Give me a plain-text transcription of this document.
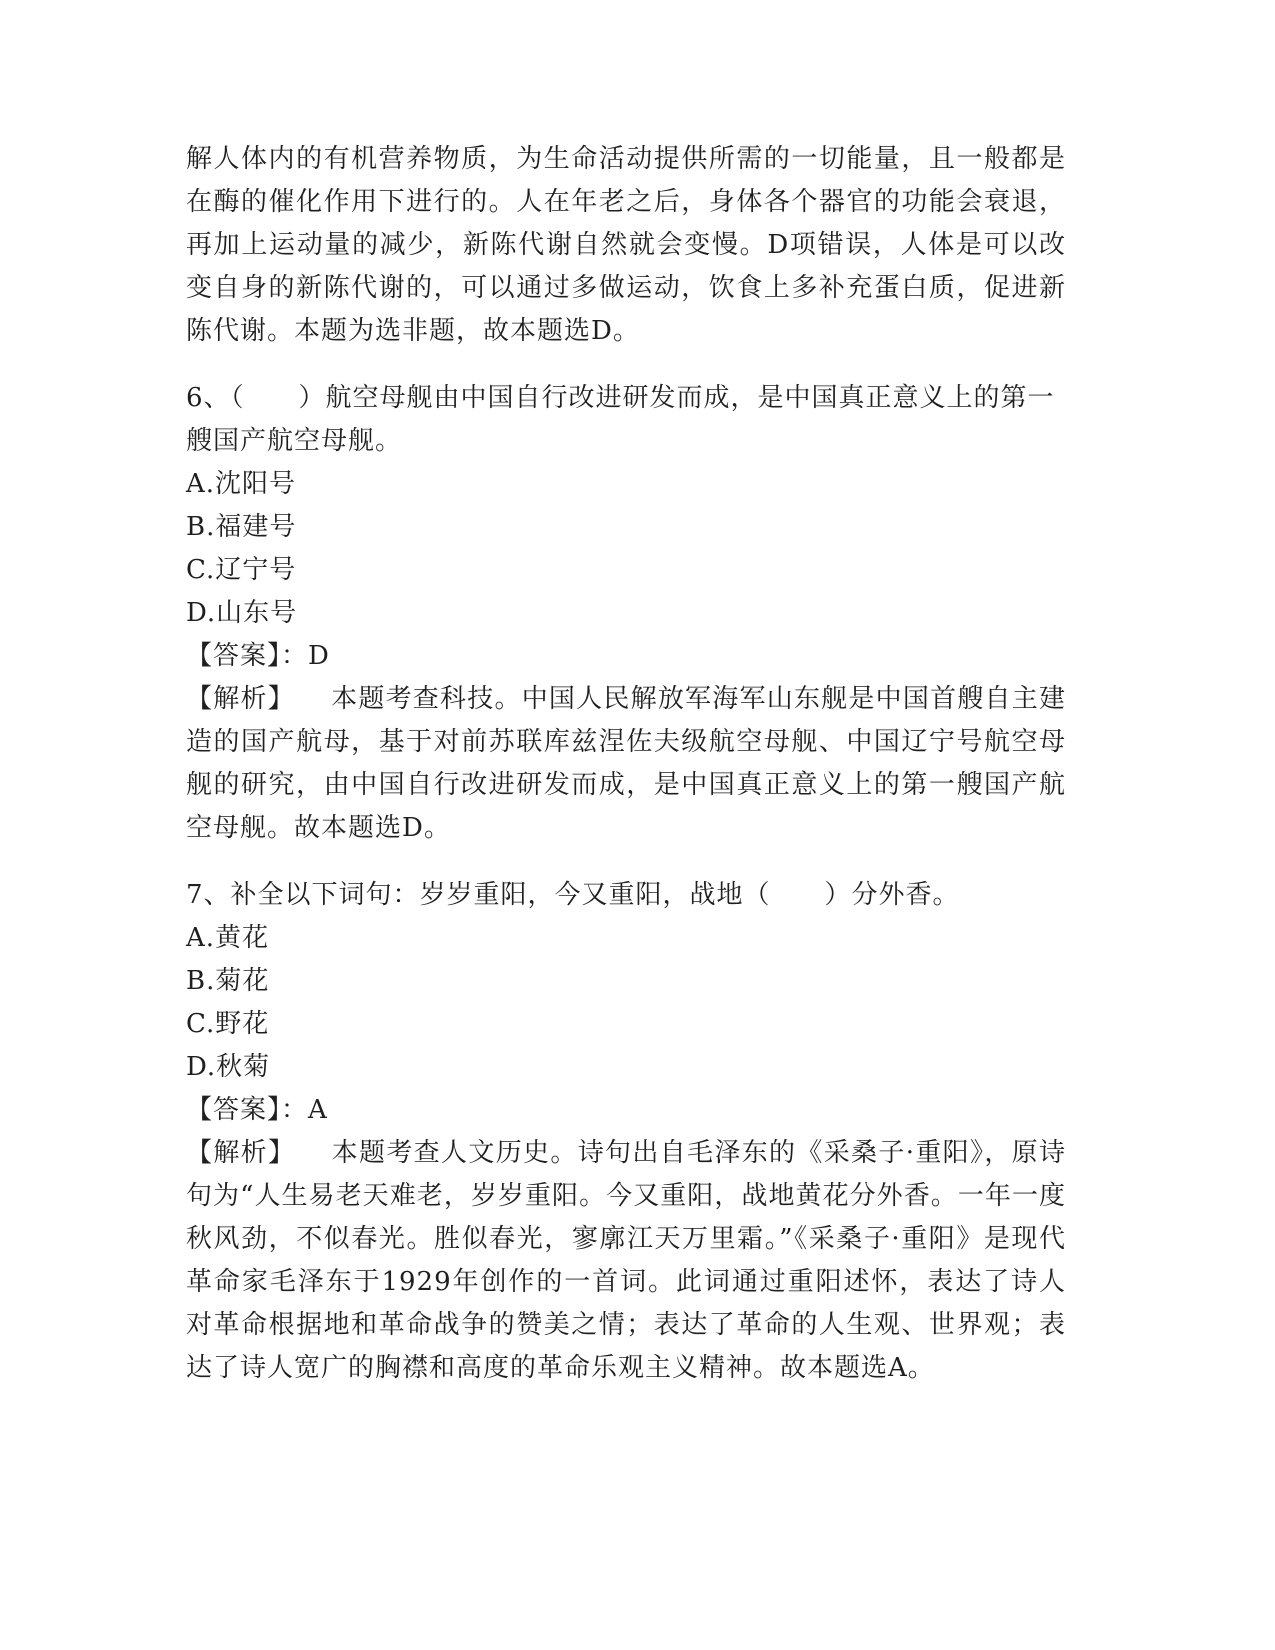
解人体内的有机营养物质，为生命活动提供所需的一切能量，且一般都是在酶的催化作用下进行的。人在年老之后，身体各个器官的功能会衰退，再加上运动量的减少，新陈代谢自然就会变慢。D项错误，人体是可以改变自身的新陈代谢的，可以通过多做运动，饮食上多补充蛋白质，促进新陈代谢。本题为选非题，故本题选D。

6、（　　）航空母舰由中国自行改进研发而成，是中国真正意义上的第一艘国产航空母舰。

A.沈阳号

B.福建号

C.辽宁号

D.山东号

【答案】：D

【解析】 本题考查科技。中国人民解放军海军山东舰是中国首艘自主建造的国产航母，基于对前苏联库兹涅佐夫级航空母舰、中国辽宁号航空母舰的研究，由中国自行改进研发而成，是中国真正意义上的第一艘国产航空母舰。故本题选D。

7、补全以下词句：岁岁重阳，今又重阳，战地（　　）分外香。

A.黄花

B.菊花

C.野花

D.秋菊

【答案】：A

【解析】 本题考查人文历史。诗句出自毛泽东的《采桑子·重阳》，原诗句为“人生易老天难老，岁岁重阳。今又重阳，战地黄花分外香。一年一度秋风劲，不似春光。胜似春光，寥廓江天万里霜。”《采桑子·重阳》是现代革命家毛泽东于1929年创作的一首词。此词通过重阳述怀，表达了诗人对革命根据地和革命战争的赞美之情；表达了革命的人生观、世界观；表达了诗人宽广的胸襟和高度的革命乐观主义精神。故本题选A。
